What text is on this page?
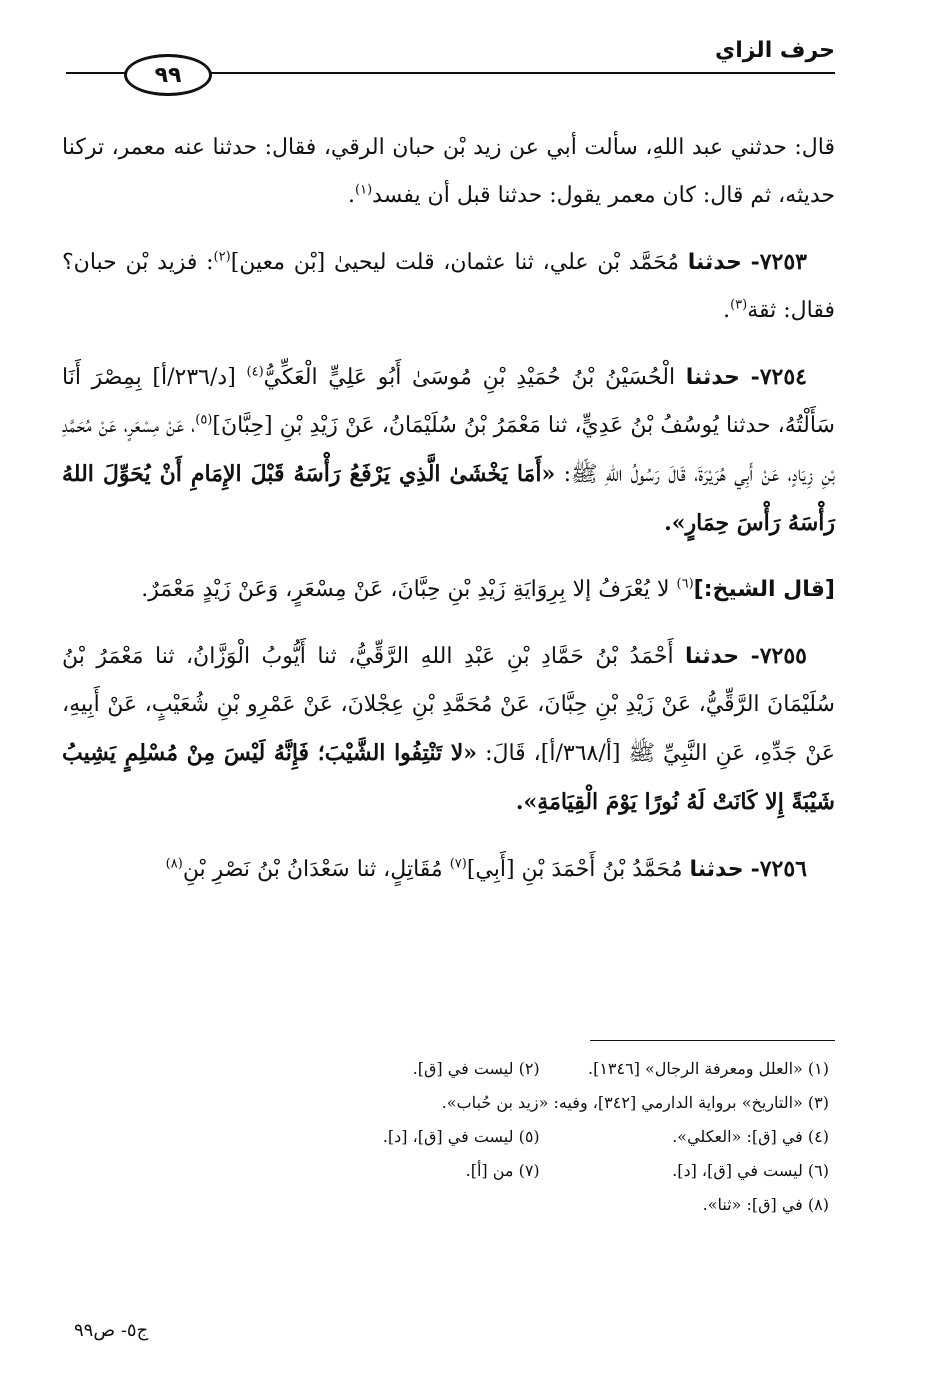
حرف الزاي
٩٩

قال: حدثني عبد اللهِ، سألت أبي عن زيد بْن حبان الرقي، فقال: حدثنا عنه معمر، تركنا حديثه، ثم قال: كان معمر يقول: حدثنا قبل أن يفسد$^{(١)}$.

٧٢٥٣- حدثنا مُحَمَّد بْن علي، ثنا عثمان، قلت ليحيىٰ [بْن معين]$^{(٢)}$: فزيد بْن حبان؟ فقال: ثقة$^{(٣)}$.

٧٢٥٤- حدثنا الْحُسَيْنُ بْنُ حُمَيْدِ بْنِ مُوسَىٰ أَبُو عَلِيٍّ الْعَكِّيُّ$^{(٤)}$ [د/٢٣٦/أ] بِمِصْرَ أَنَا سَأَلْتُهُ، حدثنا يُوسُفُ بْنُ عَدِيٍّ، ثنا مَعْمَرُ بْنُ سُلَيْمَانُ، عَنْ زَيْدِ بْنِ [حِبَّانَ]$^{(٥)}$، عَنْ مِسْعَرٍ، عَنْ مُحَمَّدِ بْنِ زِيَادٍ، عَنْ أَبِي هُرَيْرَةَ، قَالَ رَسُولُ اللهِ ﷺ: «أَمَا يَخْشَىٰ الَّذِي يَرْفَعُ رَأْسَهُ قَبْلَ الإِمَامِ أَنْ يُحَوِّلَ اللهُ رَأْسَهُ رَأْسَ حِمَارٍ».

[قال الشيخ:]$^{(٦)}$ لا يُعْرَفُ إلا بِرِوَايَةِ زَيْدِ بْنِ حِبَّانَ، عَنْ مِسْعَرٍ، وَعَنْ زَيْدٍ مَعْمَرٌ.

٧٢٥٥- حدثنا أَحْمَدُ بْنُ حَمَّادِ بْنِ عَبْدِ اللهِ الرَّقِّيُّ، ثنا أَيُّوبُ الْوَزَّانُ، ثنا مَعْمَرُ بْنُ سُلَيْمَانَ الرَّقِّيُّ، عَنْ زَيْدِ بْنِ حِبَّانَ، عَنْ مُحَمَّدِ بْنِ عِجْلانَ، عَنْ عَمْرِو بْنِ شُعَيْبٍ، عَنْ أَبِيهِ، عَنْ جَدِّهِ، عَنِ النَّبِيِّ ﷺ [أ/٣٦٨/أ]، قَالَ: «لا تَنْتِفُوا الشَّيْبَ؛ فَإِنَّهُ لَيْسَ مِنْ مُسْلِمٍ يَشِيبُ شَيْبَةً إِلا كَانَتْ لَهُ نُورًا يَوْمَ الْقِيَامَةِ».

٧٢٥٦- حدثنا مُحَمَّدُ بْنُ أَحْمَدَ بْنِ [أَبِي]$^{(٧)}$ مُقَاتِلٍ، ثنا سَعْدَانُ بْنُ نَصْرِ بْنِ$^{(٨)}$

(١) «العلل ومعرفة الرجال» [١٣٤٦].
(٢) ليست في [ق].
(٣) «التاريخ» برواية الدارمي [٣٤٢]، وفيه: «زيد بن حُباب».
(٤) في [ق]: «العكلي».
(٥) ليست في [ق]، [د].
(٦) ليست في [ق]، [د].
(٧) من [أ].
(٨) في [ق]: «ثنا».
ج٥- ص٩٩
